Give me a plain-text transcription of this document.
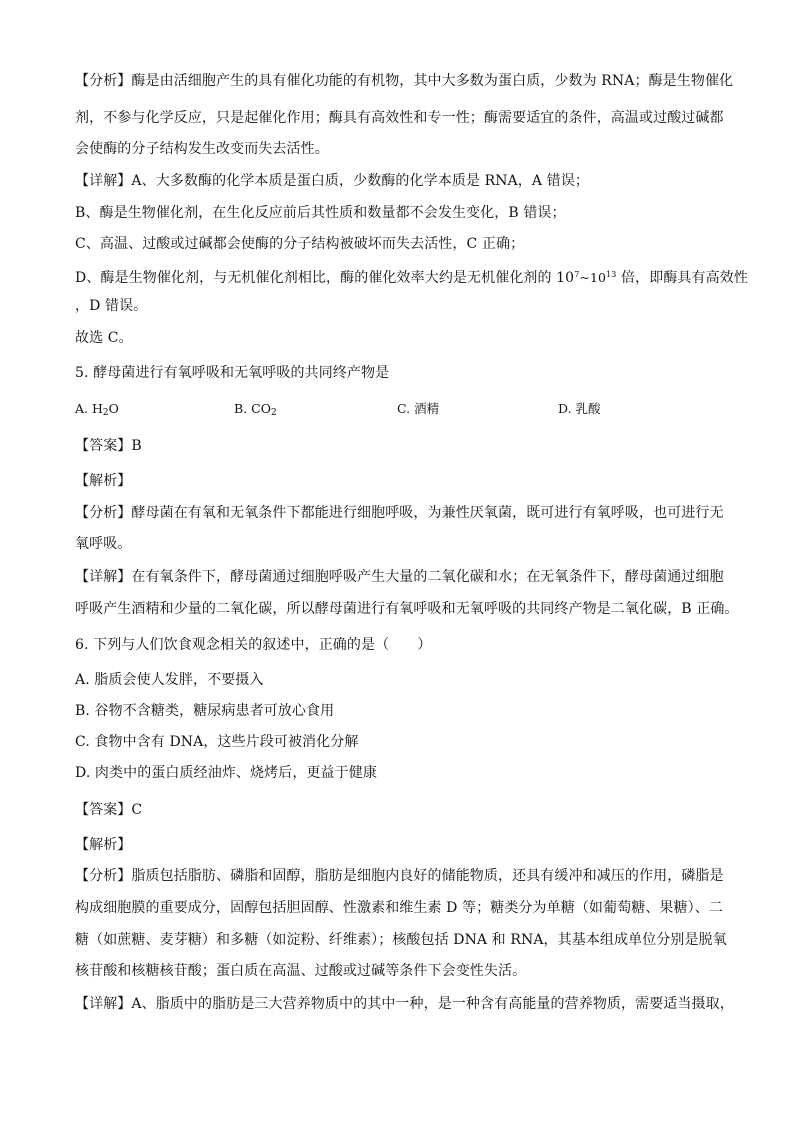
【分析】酶是由活细胞产生的具有催化功能的有机物，其中大多数为蛋白质，少数为 RNA；酶是生物催化
剂，不参与化学反应，只是起催化作用；酶具有高效性和专一性；酶需要适宜的条件，高温或过酸过碱都
会使酶的分子结构发生改变而失去活性。
【详解】A、大多数酶的化学本质是蛋白质，少数酶的化学本质是 RNA，A 错误；
B、酶是生物催化剂，在生化反应前后其性质和数量都不会发生变化，B 错误；
C、高温、过酸或过碱都会使酶的分子结构被破坏而失去活性，C 正确；
D、酶是生物催化剂，与无机催化剂相比，酶的催化效率大约是无机催化剂的 $10^7\sim 10^{13}$ 倍，即酶具有高效性
，D 错误。
故选 C。
5. 酵母菌进行有氧呼吸和无氧呼吸的共同终产物是
A. $H_2O$	B. $CO_2$	C. 酒精	D. 乳酸
【答案】B
【解析】
【分析】酵母菌在有氧和无氧条件下都能进行细胞呼吸，为兼性厌氧菌，既可进行有氧呼吸，也可进行无
氧呼吸。
【详解】在有氧条件下，酵母菌通过细胞呼吸产生大量的二氧化碳和水；在无氧条件下，酵母菌通过细胞
呼吸产生酒精和少量的二氧化碳，所以酵母菌进行有氧呼吸和无氧呼吸的共同终产物是二氧化碳，B 正确。
6. 下列与人们饮食观念相关的叙述中，正确的是（　　）
A. 脂质会使人发胖，不要摄入
B. 谷物不含糖类，糖尿病患者可放心食用
C. 食物中含有 DNA，这些片段可被消化分解
D. 肉类中的蛋白质经油炸、烧烤后，更益于健康
【答案】C
【解析】
【分析】脂质包括脂肪、磷脂和固醇，脂肪是细胞内良好的储能物质，还具有缓冲和减压的作用，磷脂是
构成细胞膜的重要成分，固醇包括胆固醇、性激素和维生素 D 等；糖类分为单糖（如葡萄糖、果糖）、二
糖（如蔗糖、麦芽糖）和多糖（如淀粉、纤维素）；核酸包括 DNA 和 RNA，其基本组成单位分别是脱氧
核苷酸和核糖核苷酸；蛋白质在高温、过酸或过碱等条件下会变性失活。
【详解】A、脂质中的脂肪是三大营养物质中的其中一种，是一种含有高能量的营养物质，需要适当摄取，
